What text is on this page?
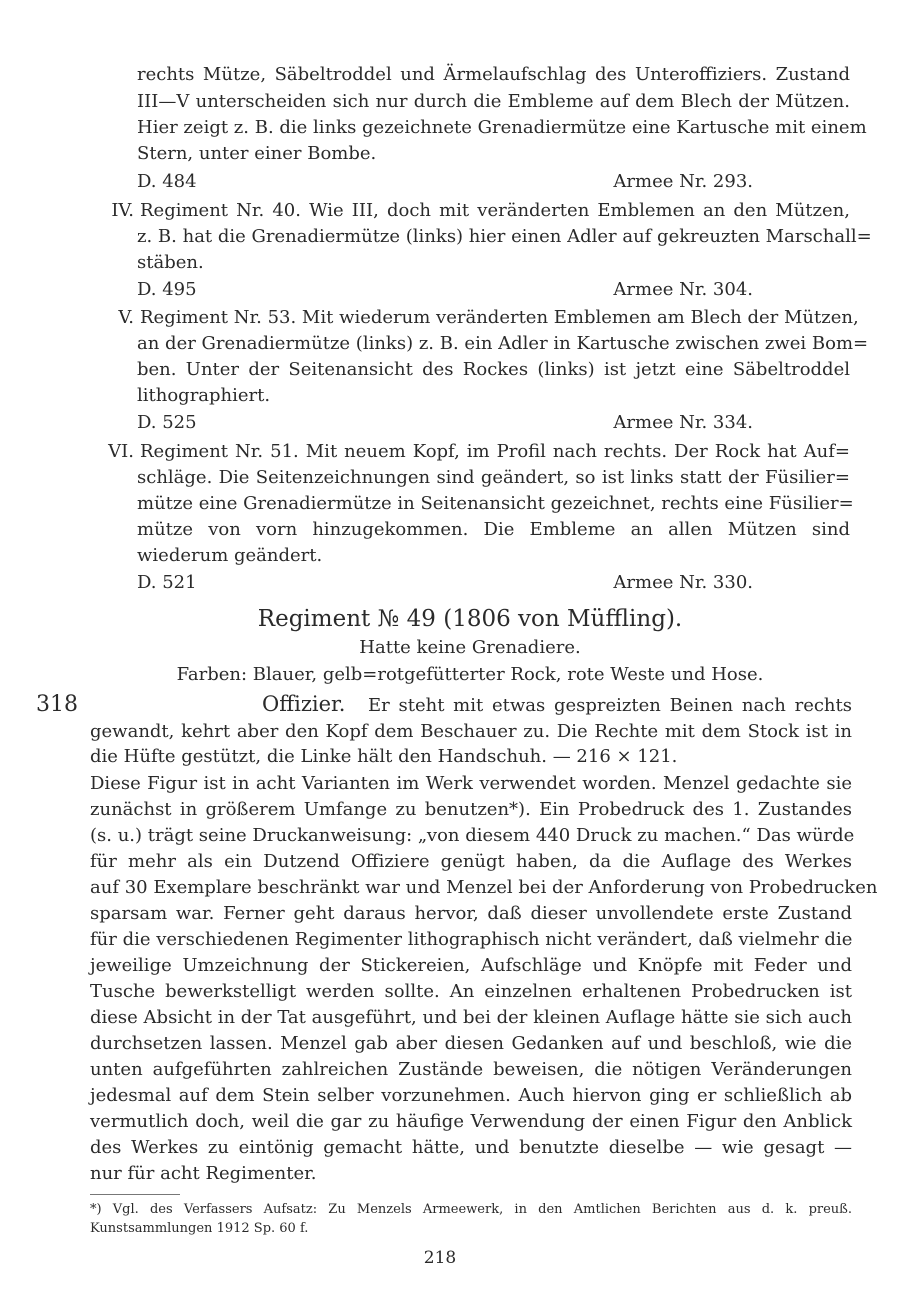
rechts Mütze, Säbeltroddel und Ärmelaufschlag des Unteroffiziers. Zustand
III—V unterscheiden sich nur durch die Embleme auf dem Blech der Mützen.
Hier zeigt z. B. die links gezeichnete Grenadiermütze eine Kartusche mit einem
Stern, unter einer Bombe.
D. 484	Armee Nr. 293.
IV. Regiment Nr. 40. Wie III, doch mit veränderten Emblemen an den Mützen,
z. B. hat die Grenadiermütze (links) hier einen Adler auf gekreuzten Marschall=
stäben.
D. 495	Armee Nr. 304.
V. Regiment Nr. 53. Mit wiederum veränderten Emblemen am Blech der Mützen,
an der Grenadiermütze (links) z. B. ein Adler in Kartusche zwischen zwei Bom=
ben. Unter der Seitenansicht des Rockes (links) ist jetzt eine Säbeltroddel
lithographiert.
D. 525	Armee Nr. 334.
VI. Regiment Nr. 51. Mit neuem Kopf, im Profil nach rechts. Der Rock hat Auf=
schläge. Die Seitenzeichnungen sind geändert, so ist links statt der Füsilier=
mütze eine Grenadiermütze in Seitenansicht gezeichnet, rechts eine Füsilier=
mütze von vorn hinzugekommen. Die Embleme an allen Mützen sind
wiederum geändert.
D. 521	Armee Nr. 330.
Regiment № 49 (1806 von Müffling).
Hatte keine Grenadiere.
Farben: Blauer, gelb=rotgefütterter Rock, rote Weste und Hose.
318	Offizier. Er steht mit etwas gespreizten Beinen nach rechts
gewandt, kehrt aber den Kopf dem Beschauer zu. Die Rechte mit dem Stock ist in
die Hüfte gestützt, die Linke hält den Handschuh. — 216 × 121.
Diese Figur ist in acht Varianten im Werk verwendet worden. Menzel gedachte sie
zunächst in größerem Umfange zu benutzen*). Ein Probedruck des 1. Zustandes
(s. u.) trägt seine Druckanweisung: „von diesem 440 Druck zu machen.“ Das würde
für mehr als ein Dutzend Offiziere genügt haben, da die Auflage des Werkes
auf 30 Exemplare beschränkt war und Menzel bei der Anforderung von Probedrucken
sparsam war. Ferner geht daraus hervor, daß dieser unvollendete erste Zustand
für die verschiedenen Regimenter lithographisch nicht verändert, daß vielmehr die
jeweilige Umzeichnung der Stickereien, Aufschläge und Knöpfe mit Feder und
Tusche bewerkstelligt werden sollte. An einzelnen erhaltenen Probedrucken ist
diese Absicht in der Tat ausgeführt, und bei der kleinen Auflage hätte sie sich auch
durchsetzen lassen. Menzel gab aber diesen Gedanken auf und beschloß, wie die
unten aufgeführten zahlreichen Zustände beweisen, die nötigen Veränderungen
jedesmal auf dem Stein selber vorzunehmen. Auch hiervon ging er schließlich ab
vermutlich doch, weil die gar zu häufige Verwendung der einen Figur den Anblick
des Werkes zu eintönig gemacht hätte, und benutzte dieselbe — wie gesagt —
nur für acht Regimenter.
*) Vgl. des Verfassers Aufsatz: Zu Menzels Armeewerk, in den Amtlichen Berichten aus d. k. preuß.
Kunstsammlungen 1912 Sp. 60 f.
218
